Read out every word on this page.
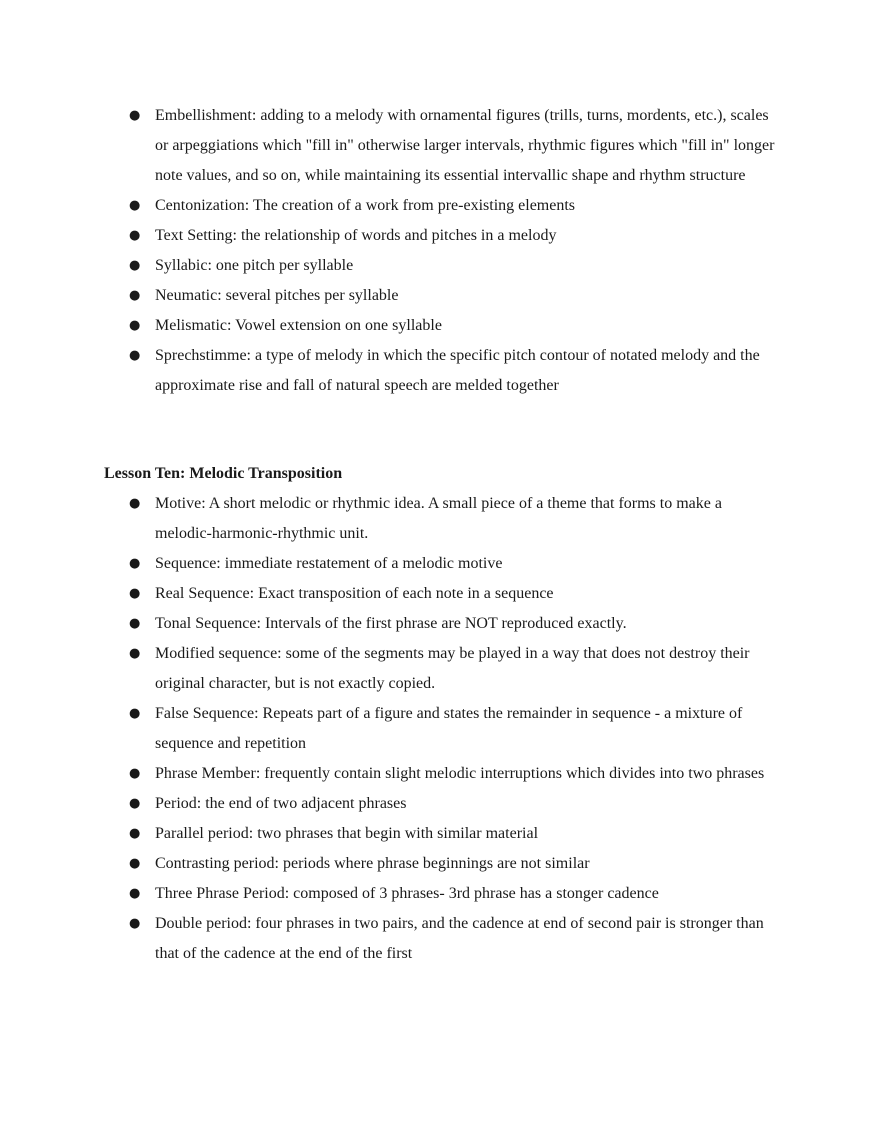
● Embellishment: adding to a melody with ornamental figures (trills, turns, mordents, etc.), scales or arpeggiations which "fill in" otherwise larger intervals, rhythmic figures which "fill in" longer note values, and so on, while maintaining its essential intervallic shape and rhythm structure
● Centonization: The creation of a work from pre-existing elements
● Text Setting: the relationship of words and pitches in a melody
● Syllabic: one pitch per syllable
● Neumatic: several pitches per syllable
● Melismatic: Vowel extension on one syllable
● Sprechstimme: a type of melody in which the specific pitch contour of notated melody and the approximate rise and fall of natural speech are melded together
Lesson Ten: Melodic Transposition
● Motive: A short melodic or rhythmic idea. A small piece of a theme that forms to make a melodic-harmonic-rhythmic unit.
● Sequence: immediate restatement of a melodic motive
● Real Sequence: Exact transposition of each note in a sequence
● Tonal Sequence: Intervals of the first phrase are NOT reproduced exactly.
● Modified sequence: some of the segments may be played in a way that does not destroy their original character, but is not exactly copied.
● False Sequence: Repeats part of a figure and states the remainder in sequence - a mixture of sequence and repetition
● Phrase Member: frequently contain slight melodic interruptions which divides into two phrases
● Period: the end of two adjacent phrases
● Parallel period: two phrases that begin with similar material
● Contrasting period: periods where phrase beginnings are not similar
● Three Phrase Period: composed of 3 phrases- 3rd phrase has a stonger cadence
● Double period: four phrases in two pairs, and the cadence at end of second pair is stronger than that of the cadence at the end of the first
